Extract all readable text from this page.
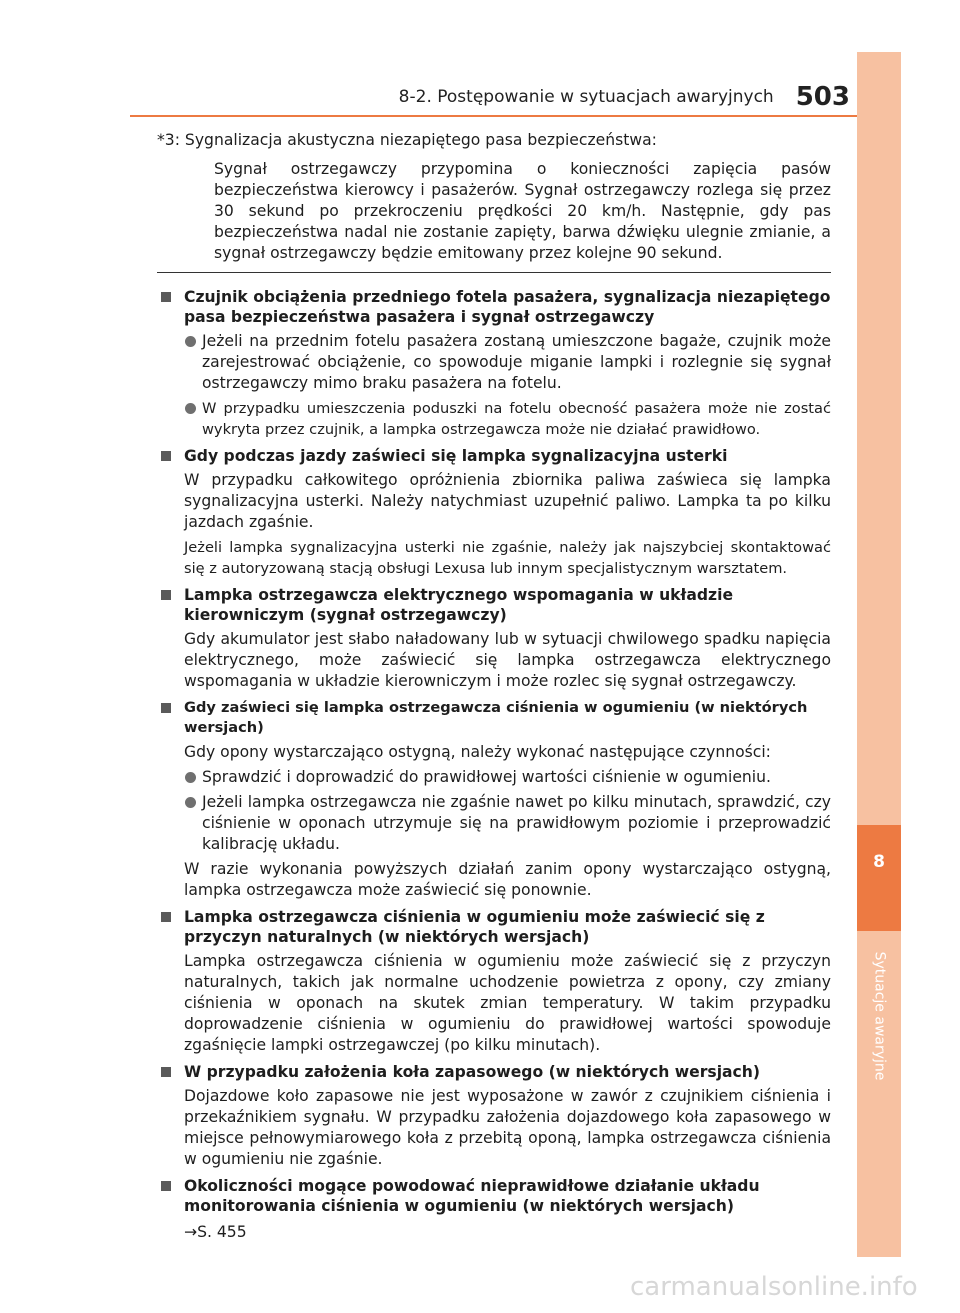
8
Sytuacje awaryjne
8-2. Postępowanie w sytuacjach awaryjnych 503

*3: Sygnalizacja akustyczna niezapiętego pasa bezpieczeństwa:

Sygnał ostrzegawczy przypomina o konieczności zapięcia pasów bezpieczeństwa kierowcy i pasażerów. Sygnał ostrzegawczy rozlega się przez 30 sekund po przekroczeniu prędkości 20 km/h. Następnie, gdy pas bezpieczeństwa nadal nie zostanie zapięty, barwa dźwięku ulegnie zmianie, a sygnał ostrzegawczy będzie emitowany przez kolejne 90 sekund.

Czujnik obciążenia przedniego fotela pasażera, sygnalizacja niezapiętego pasa bezpieczeństwa pasażera i sygnał ostrzegawczy

Jeżeli na przednim fotelu pasażera zostaną umieszczone bagaże, czujnik może zarejestrować obciążenie, co spowoduje miganie lampki i rozlegnie się sygnał ostrzegawczy mimo braku pasażera na fotelu.

W przypadku umieszczenia poduszki na fotelu obecność pasażera może nie zostać wykryta przez czujnik, a lampka ostrzegawcza może nie działać prawidłowo.

Gdy podczas jazdy zaświeci się lampka sygnalizacyjna usterki

W przypadku całkowitego opróżnienia zbiornika paliwa zaświeca się lampka sygnalizacyjna usterki. Należy natychmiast uzupełnić paliwo. Lampka ta po kilku jazdach zgaśnie.

Jeżeli lampka sygnalizacyjna usterki nie zgaśnie, należy jak najszybciej skontaktować się z autoryzowaną stacją obsługi Lexusa lub innym specjalistycznym warsztatem.

Lampka ostrzegawcza elektrycznego wspomagania w układzie kierowniczym (sygnał ostrzegawczy)

Gdy akumulator jest słabo naładowany lub w sytuacji chwilowego spadku napięcia elektrycznego, może zaświecić się lampka ostrzegawcza elektrycznego wspomagania w układzie kierowniczym i może rozlec się sygnał ostrzegawczy.

Gdy zaświeci się lampka ostrzegawcza ciśnienia w ogumieniu (w niektórych wersjach)

Gdy opony wystarczająco ostygną, należy wykonać następujące czynności:

Sprawdzić i doprowadzić do prawidłowej wartości ciśnienie w ogumieniu.

Jeżeli lampka ostrzegawcza nie zgaśnie nawet po kilku minutach, sprawdzić, czy ciśnienie w oponach utrzymuje się na prawidłowym poziomie i przeprowadzić kalibrację układu.

W razie wykonania powyższych działań zanim opony wystarczająco ostygną, lampka ostrzegawcza może zaświecić się ponownie.

Lampka ostrzegawcza ciśnienia w ogumieniu może zaświecić się z przyczyn naturalnych (w niektórych wersjach)

Lampka ostrzegawcza ciśnienia w ogumieniu może zaświecić się z przyczyn naturalnych, takich jak normalne uchodzenie powietrza z opony, czy zmiany ciśnienia w oponach na skutek zmian temperatury. W takim przypadku doprowadzenie ciśnienia w ogumieniu do prawidłowej wartości spowoduje zgaśnięcie lampki ostrzegawczej (po kilku minutach).

W przypadku założenia koła zapasowego (w niektórych wersjach)

Dojazdowe koło zapasowe nie jest wyposażone w zawór z czujnikiem ciśnienia i przekaźnikiem sygnału. W przypadku założenia dojazdowego koła zapasowego w miejsce pełnowymiarowego koła z przebitą oponą, lampka ostrzegawcza ciśnienia w ogumieniu nie zgaśnie.

Okoliczności mogące powodować nieprawidłowe działanie układu monitorowania ciśnienia w ogumieniu (w niektórych wersjach)

→S. 455

carmanualsonline.info
